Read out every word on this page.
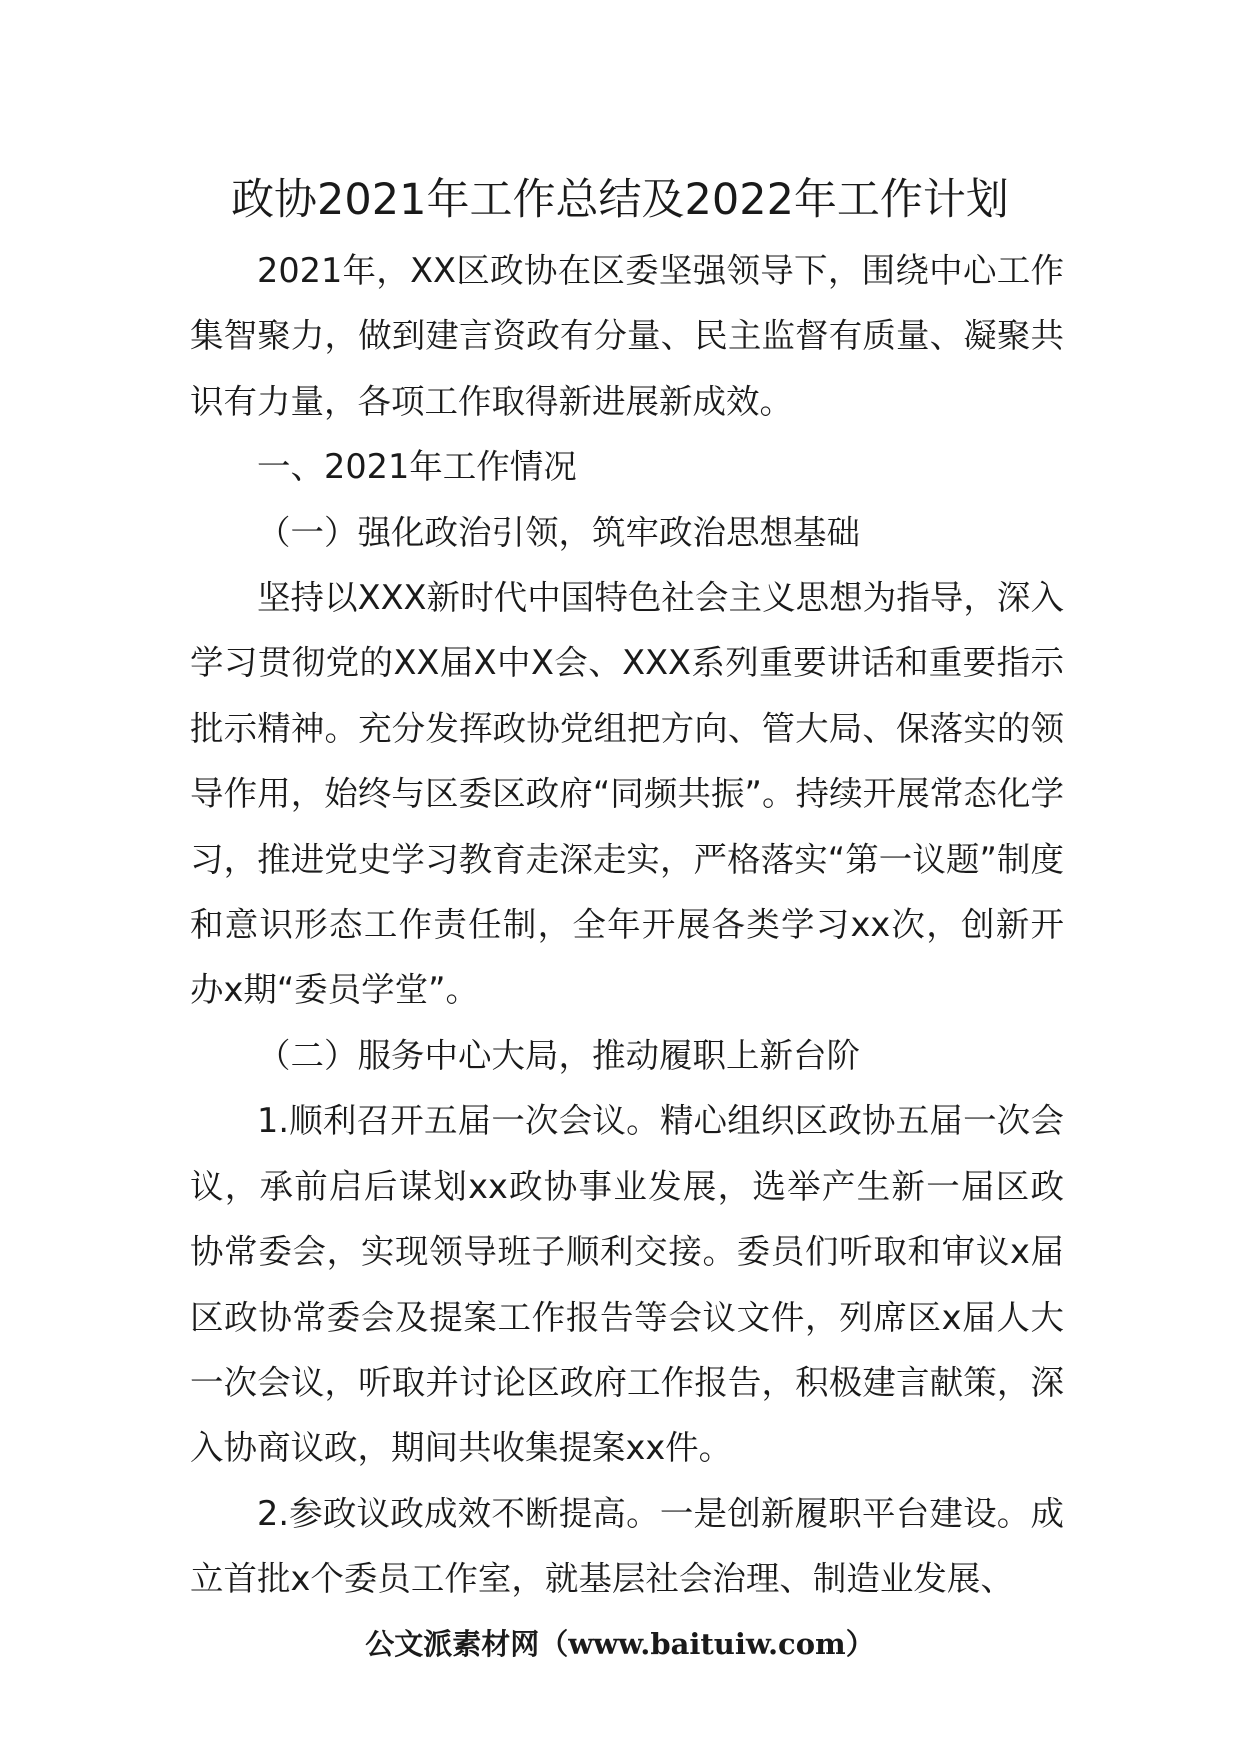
政协2021年工作总结及2022年工作计划

2021年，XX区政协在区委坚强领导下，围绕中心工作集智聚力，做到建言资政有分量、民主监督有质量、凝聚共识有力量，各项工作取得新进展新成效。

一、2021年工作情况

（一）强化政治引领，筑牢政治思想基础

坚持以XXX新时代中国特色社会主义思想为指导，深入学习贯彻党的XX届X中X会、XXX系列重要讲话和重要指示批示精神。充分发挥政协党组把方向、管大局、保落实的领导作用，始终与区委区政府“同频共振”。持续开展常态化学习，推进党史学习教育走深走实，严格落实“第一议题”制度和意识形态工作责任制，全年开展各类学习xx次，创新开办x期“委员学堂”。

（二）服务中心大局，推动履职上新台阶

1.顺利召开五届一次会议。精心组织区政协五届一次会议，承前启后谋划xx政协事业发展，选举产生新一届区政协常委会，实现领导班子顺利交接。委员们听取和审议x届区政协常委会及提案工作报告等会议文件，列席区x届人大一次会议，听取并讨论区政府工作报告，积极建言献策，深入协商议政，期间共收集提案xx件。

2.参政议政成效不断提高。一是创新履职平台建设。成立首批x个委员工作室，就基层社会治理、制造业发展、

公文派素材网（www.baituiw.com）
